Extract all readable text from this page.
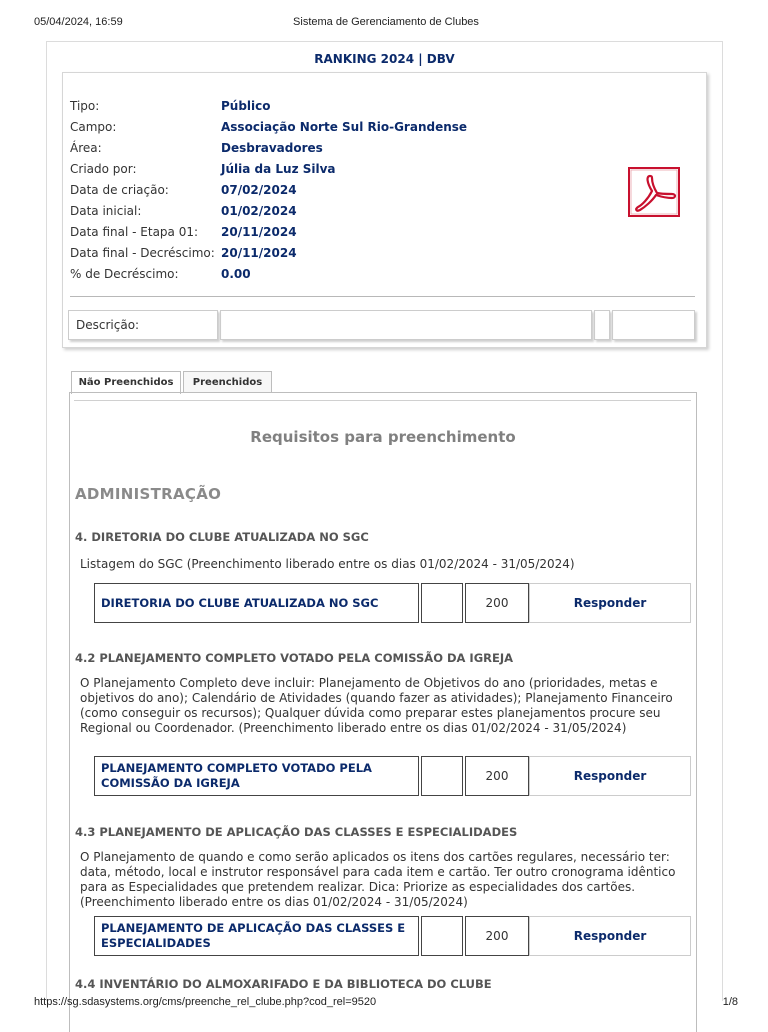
05/04/2024, 16:59	Sistema de Gerenciamento de Clubes
RANKING 2024 | DBV
Tipo:	Público
Campo:	Associação Norte Sul Rio-Grandense
Área:	Desbravadores
Criado por:	Júlia da Luz Silva
Data de criação:	07/02/2024
Data inicial:	01/02/2024
Data final - Etapa 01: 20/11/2024
Data final - Decréscimo: 20/11/2024
% de Decréscimo:	0.00
Descrição:
Não Preenchidos	Preenchidos
Requisitos para preenchimento
ADMINISTRAÇÃO
4. DIRETORIA DO CLUBE ATUALIZADA NO SGC
Listagem do SGC (Preenchimento liberado entre os dias 01/02/2024 - 31/05/2024)
DIRETORIA DO CLUBE ATUALIZADA NO SGC	200	Responder
4.2 PLANEJAMENTO COMPLETO VOTADO PELA COMISSÃO DA IGREJA
O Planejamento Completo deve incluir: Planejamento de Objetivos do ano (prioridades, metas e objetivos do ano); Calendário de Atividades (quando fazer as atividades); Planejamento Financeiro (como conseguir os recursos); Qualquer dúvida como preparar estes planejamentos procure seu Regional ou Coordenador. (Preenchimento liberado entre os dias 01/02/2024 - 31/05/2024)
PLANEJAMENTO COMPLETO VOTADO PELA COMISSÃO DA IGREJA	200	Responder
4.3 PLANEJAMENTO DE APLICAÇÃO DAS CLASSES E ESPECIALIDADES
O Planejamento de quando e como serão aplicados os itens dos cartões regulares, necessário ter: data, método, local e instrutor responsável para cada item e cartão. Ter outro cronograma idêntico para as Especialidades que pretendem realizar. Dica: Priorize as especialidades dos cartões. (Preenchimento liberado entre os dias 01/02/2024 - 31/05/2024)
PLANEJAMENTO DE APLICAÇÃO DAS CLASSES E ESPECIALIDADES	200	Responder
4.4 INVENTÁRIO DO ALMOXARIFADO E DA BIBLIOTECA DO CLUBE
https://sg.sdasystems.org/cms/preenche_rel_clube.php?cod_rel=9520	1/8
